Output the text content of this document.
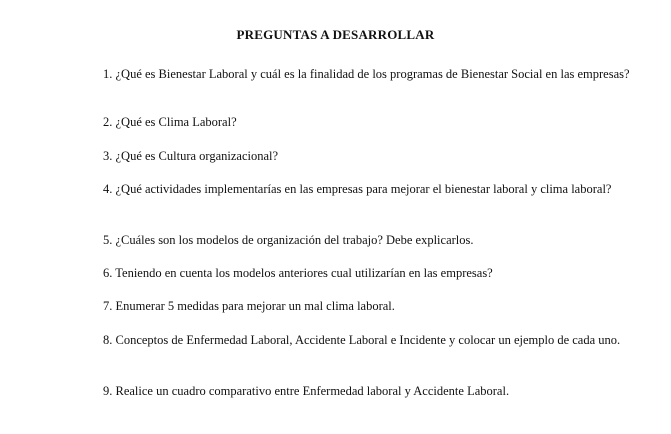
PREGUNTAS A DESARROLLAR

1. ¿Qué es Bienestar Laboral y cuál es la finalidad de los programas de Bienestar Social en las empresas?

2. ¿Qué es Clima Laboral?

3. ¿Qué es Cultura organizacional?

4. ¿Qué actividades implementarías en las empresas para mejorar el bienestar laboral y clima laboral?

5. ¿Cuáles son los modelos de organización del trabajo? Debe explicarlos.

6. Teniendo en cuenta los modelos anteriores cual utilizarían en las empresas?

7. Enumerar 5 medidas para mejorar un mal clima laboral.

8. Conceptos de Enfermedad Laboral, Accidente Laboral e Incidente y colocar un ejemplo de cada uno.

9. Realice un cuadro comparativo entre Enfermedad laboral y Accidente Laboral.
